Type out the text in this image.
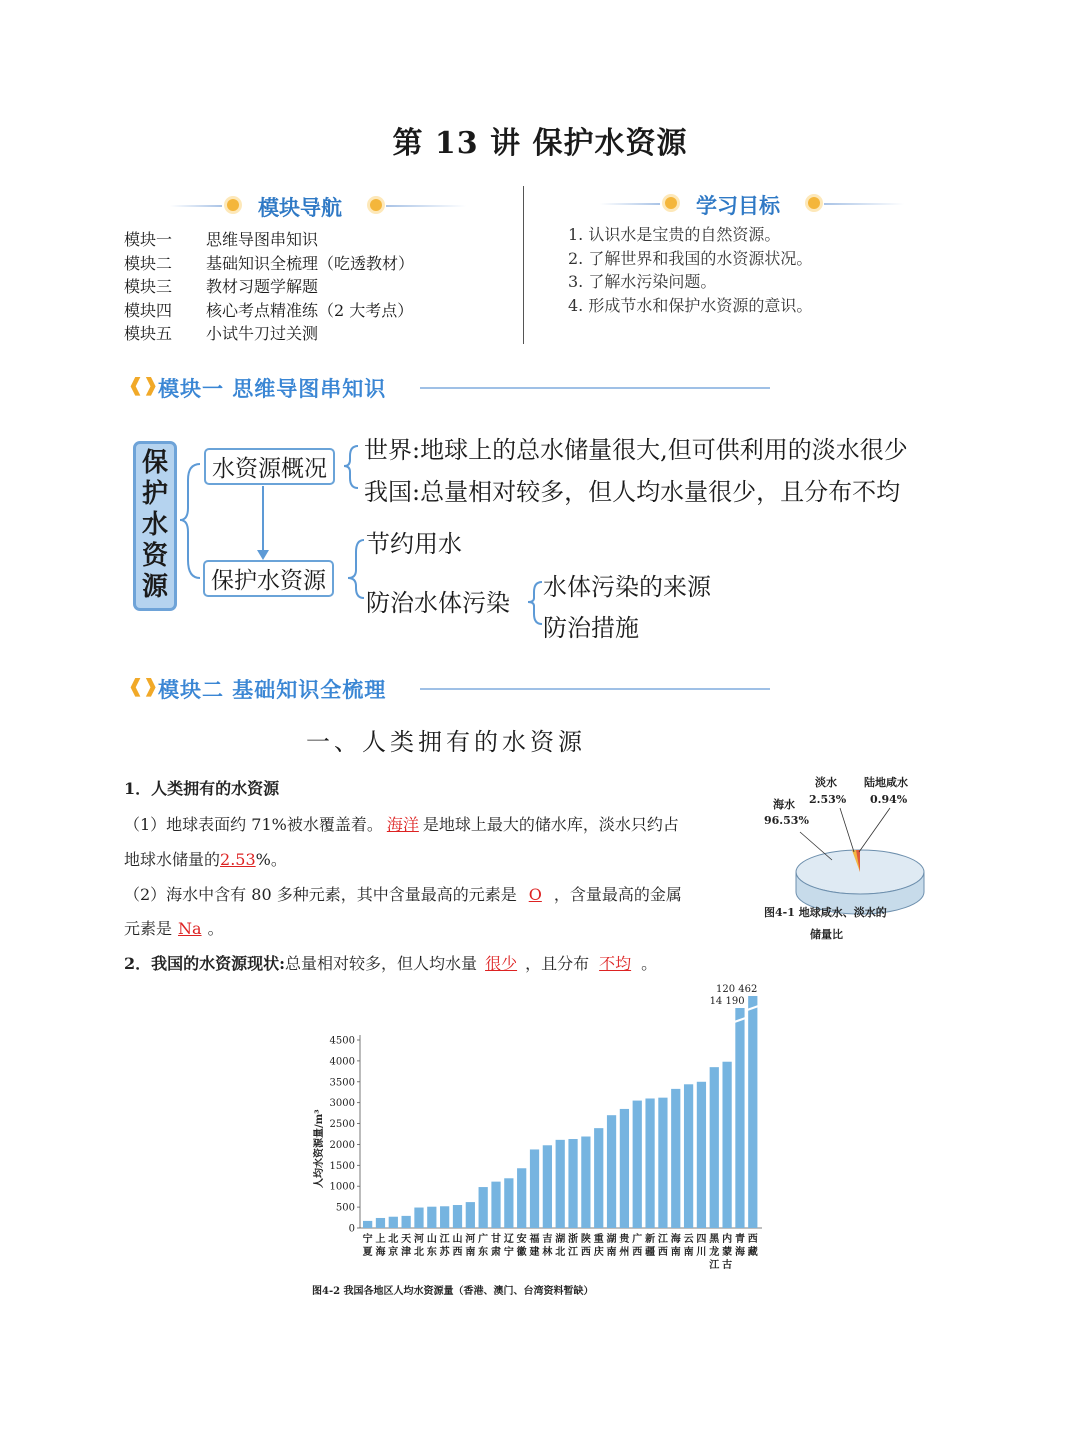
第 13 讲 保护水资源
模块导航
模块一 思维导图串知识
模块二 基础知识全梳理（吃透教材）
模块三 教材习题学解题
模块四 核心考点精准练（2 大考点）
模块五 小试牛刀过关测
学习目标
1. 认识水是宝贵的自然资源。
2. 了解世界和我国的水资源状况。
3. 了解水污染问题。
4. 形成节水和保护水资源的意识。
❰❱ 模块一 思维导图串知识
保
护
水
资
源
水资源概况
世界:地球上的总水储量很大,但可供利用的淡水很少
我国:总量相对较多，但人均水量很少，且分布不均
保护水资源
节约用水
防治水体污染
水体污染的来源
防治措施
❰❱ 模块二 基础知识全梳理
一、人类拥有的水资源
1．人类拥有的水资源
（1）地球表面约 71%被水覆盖着。 海洋 是地球上最大的储水库，淡水只约占
地球水储量的2.53%。
（2）海水中含有 80 多种元素，其中含量最高的元素是 O ，含量最高的金属
元素是 Na 。
2．我国的水资源现状:总量相对较多，但人均水量 很少 ，且分布 不均 。
海水
96.53%
淡水
2.53%
陆地咸水
0.94%
图4-1 地球咸水、淡水的
储量比
0
500
1000
1500
2000
2500
3000
3500
4000
4500
14 190
120 462
宁
夏
上
海
北
京
天
津
河
北
山
东
江
苏
山
西
河
南
广
东
甘
肃
辽
宁
安
徽
福
建
吉
林
湖
北
浙
江
陕
西
重
庆
湖
南
贵
州
广
西
新
疆
江
西
海
南
云
南
四
川
黑
龙
江
内
蒙
古
青
海
西
藏
人均水资源量/m³
图4-2 我国各地区人均水资源量（香港、澳门、台湾资料暂缺）
